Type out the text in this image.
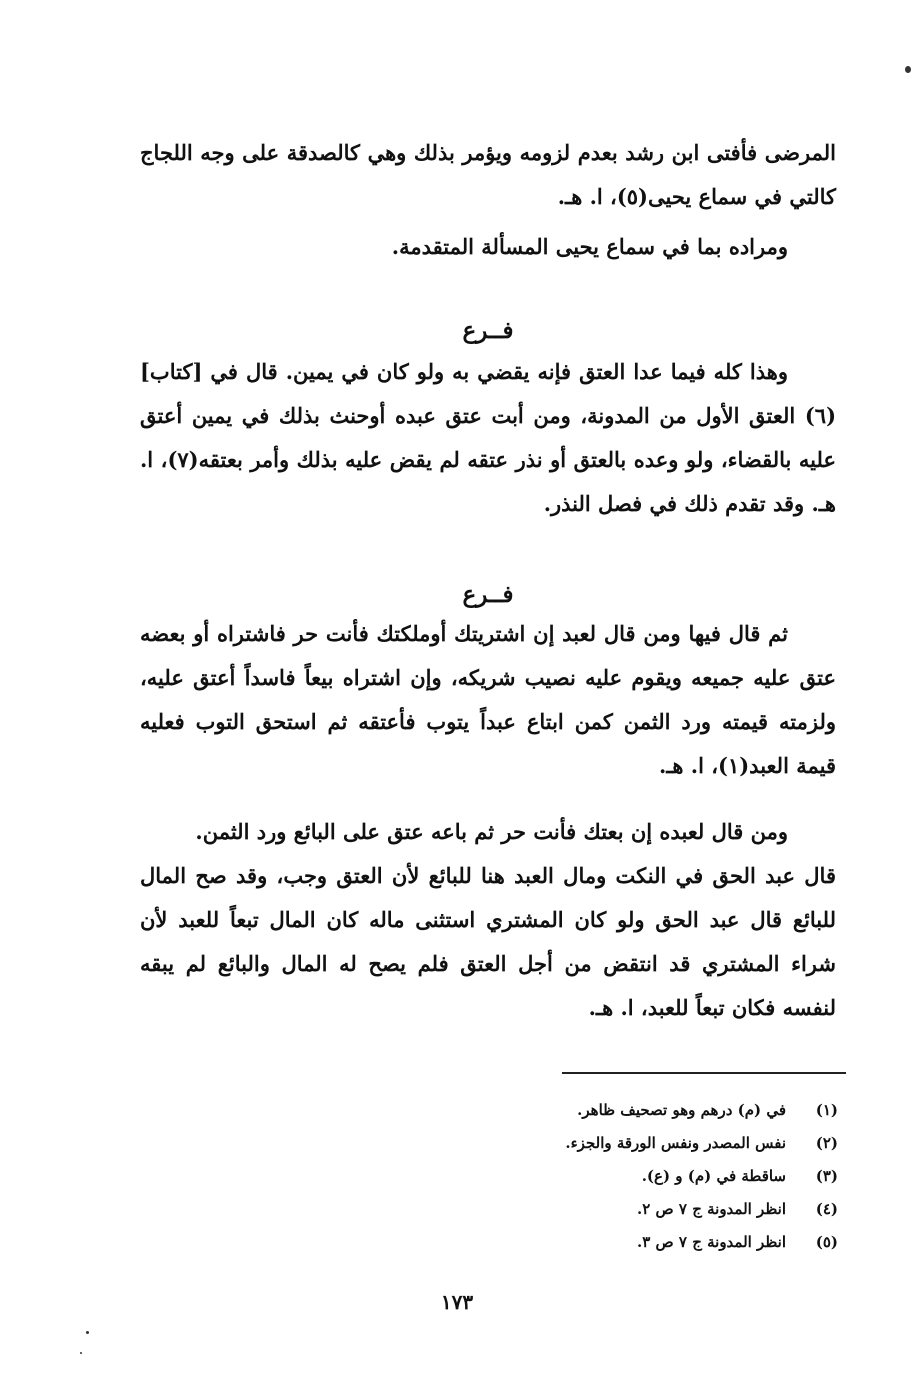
المرضى فأفتى ابن رشد بعدم لزومه ويؤمر بذلك وهي كالصدقة على وجه اللجاج كالتي في سماع يحيى(٥)، ا. هـ.

ومراده بما في سماع يحيى المسألة المتقدمة.

فــرع

وهذا كله فيما عدا العتق فإنه يقضي به ولو كان في يمين. قال في [كتاب](٦) العتق الأول من المدونة، ومن أبت عتق عبده أوحنث بذلك في يمين أعتق عليه بالقضاء، ولو وعده بالعتق أو نذر عتقه لم يقض عليه بذلك وأمر بعتقه(٧)، ا. هـ. وقد تقدم ذلك في فصل النذر.

فــرع

ثم قال فيها ومن قال لعبد إن اشتريتك أوملكتك فأنت حر فاشتراه أو بعضه عتق عليه جميعه ويقوم عليه نصيب شريكه، وإن اشتراه بيعاً فاسداً أعتق عليه، ولزمته قيمته ورد الثمن كمن ابتاع عبداً يتوب فأعتقه ثم استحق التوب فعليه قيمة العبد(١)، ا. هـ.

ومن قال لعبده إن بعتك فأنت حر ثم باعه عتق على البائع ورد الثمن.

قال عبد الحق في النكت ومال العبد هنا للبائع لأن العتق وجب، وقد صح المال للبائع قال عبد الحق ولو كان المشتري استثنى ماله كان المال تبعاً للعبد لأن شراء المشتري قد انتقض من أجل العتق فلم يصح له المال والبائع لم يبقه لنفسه فكان تبعاً للعبد، ا. هـ.

(١)
في (م) درهم وهو تصحيف ظاهر.
(٢)
نفس المصدر ونفس الورقة والجزء.
(٣)
ساقطة في (م) و (ع).
(٤)
انظر المدونة ج ٧ ص ٢.
(٥)
انظر المدونة ج ٧ ص ٣.
١٧٣
